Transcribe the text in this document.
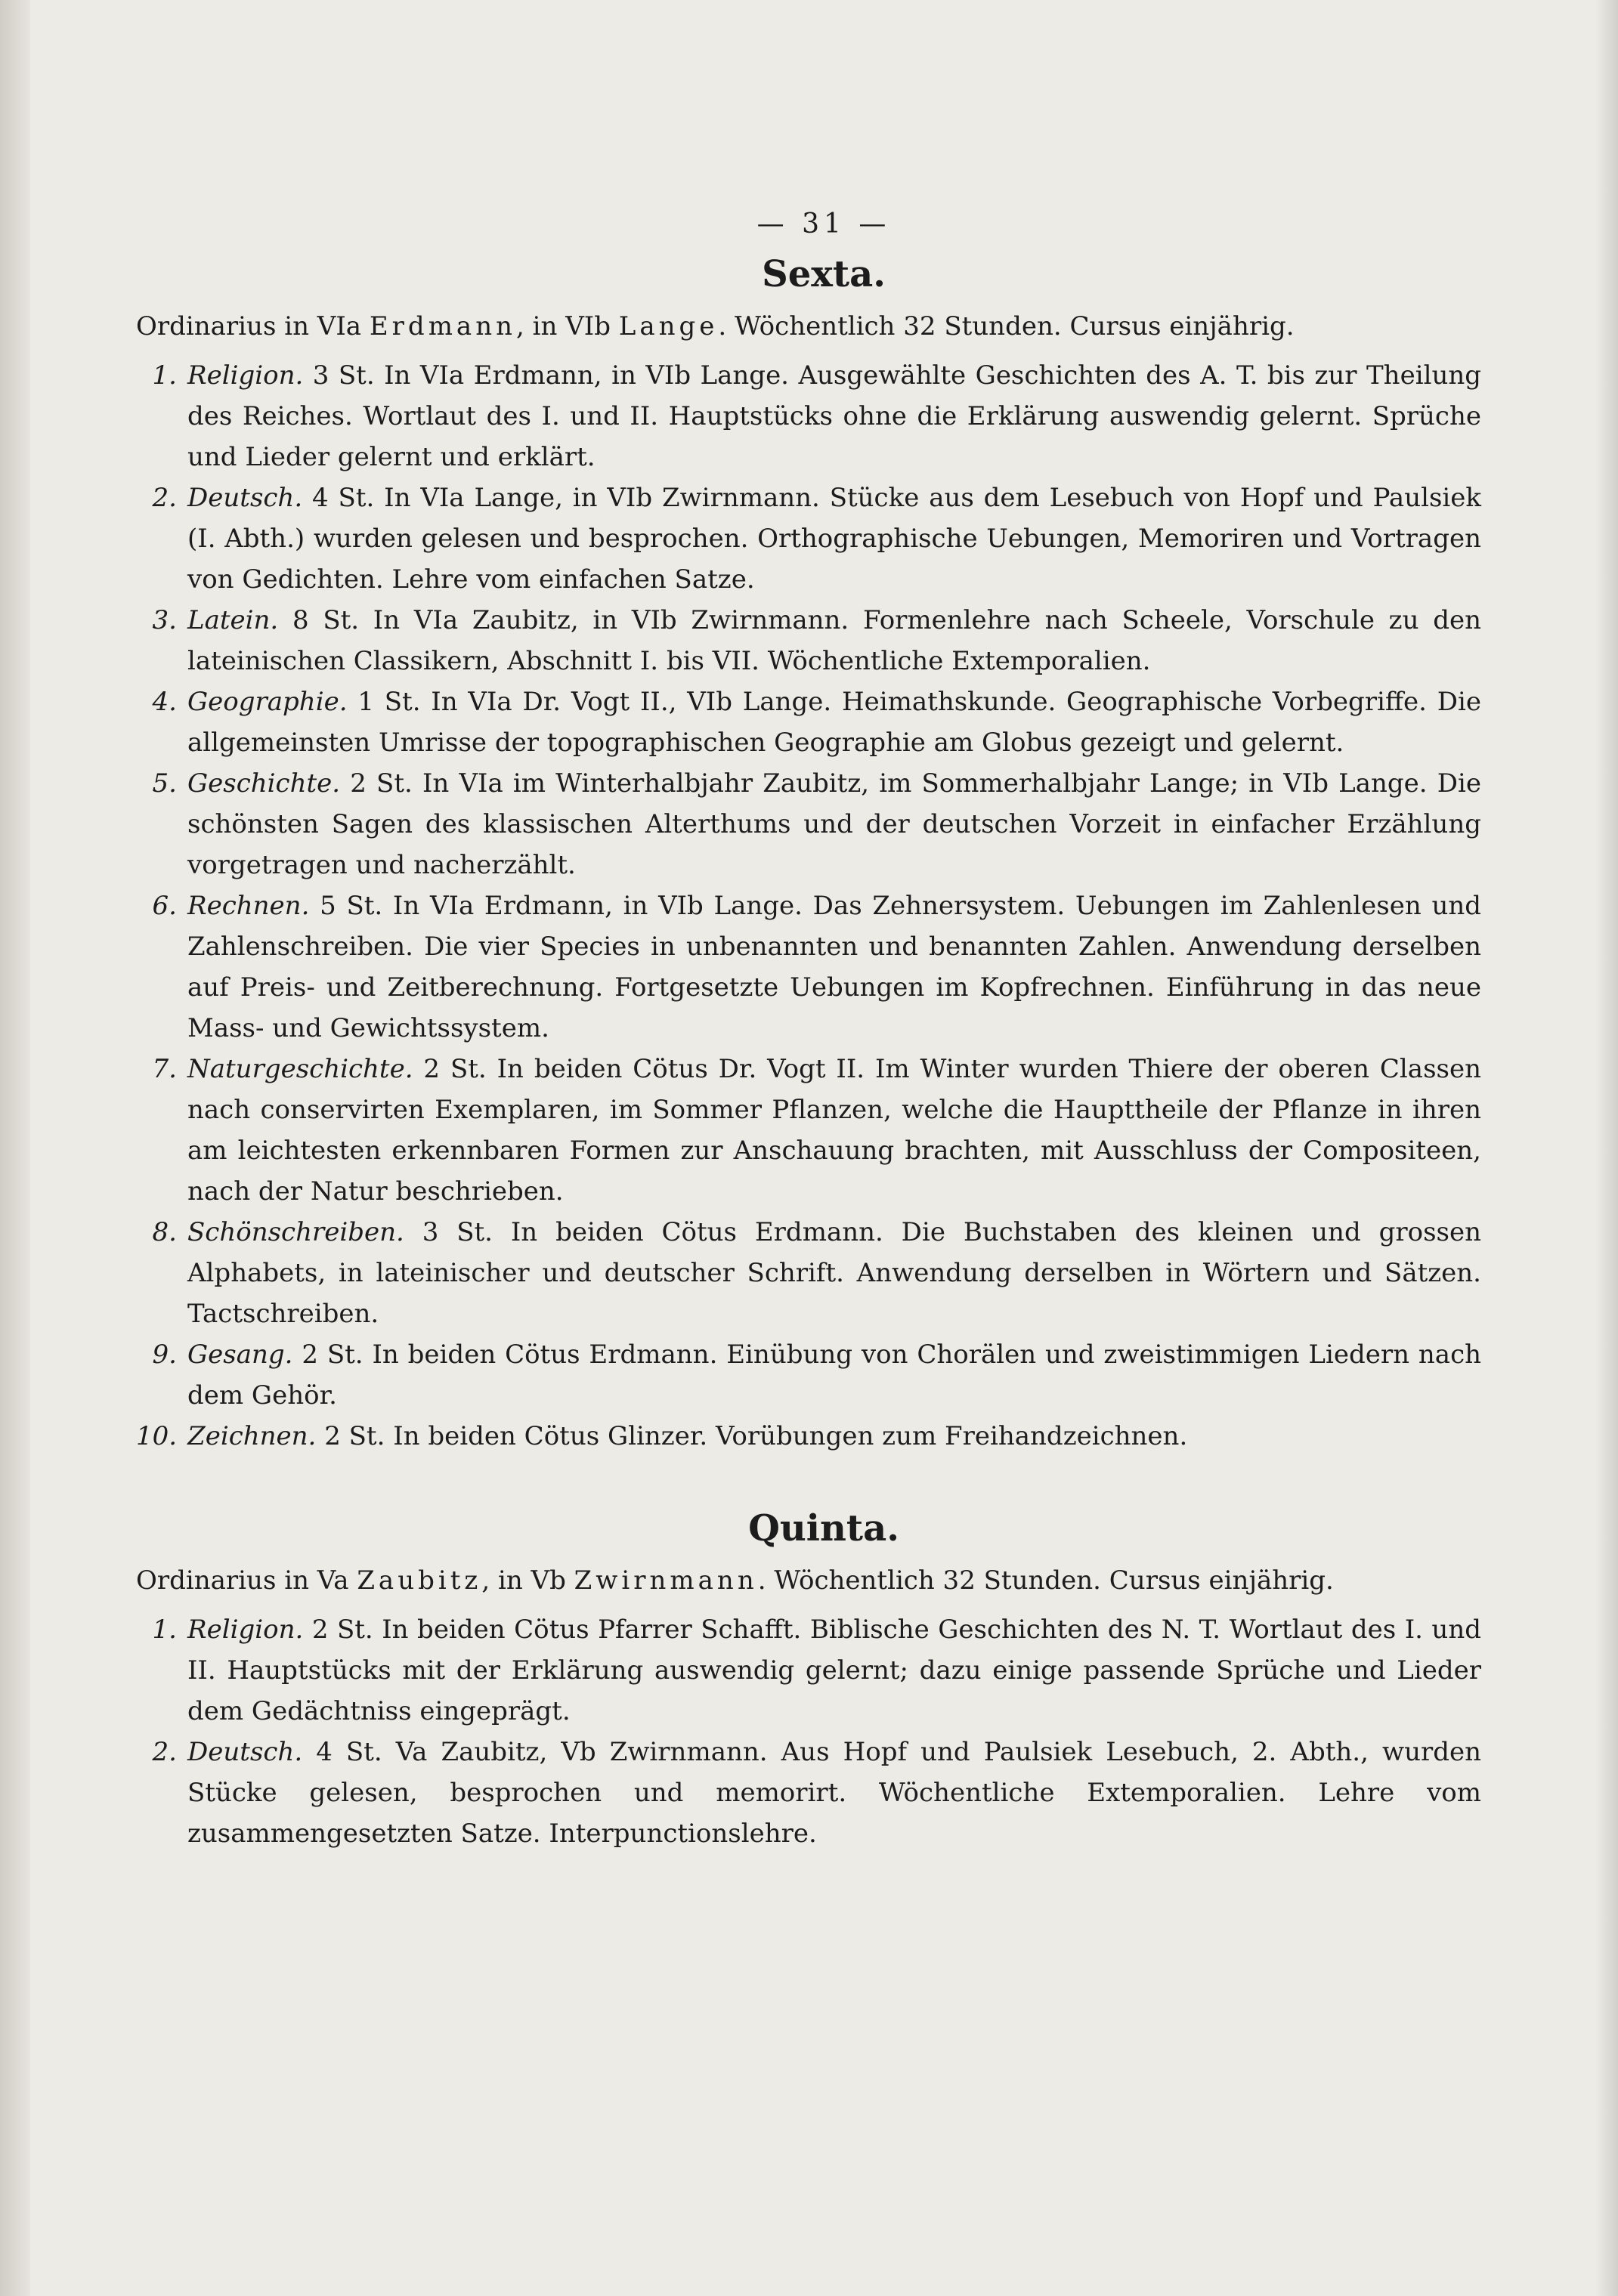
— 31 —
Sexta.
Ordinarius in VIa Erdmann, in VIb Lange. Wöchentlich 32 Stunden. Cursus einjährig.
1. Religion. 3 St. In VIa Erdmann, in VIb Lange. Ausgewählte Geschichten des A. T. bis zur Theilung des Reiches. Wortlaut des I. und II. Hauptstücks ohne die Erklärung auswendig gelernt. Sprüche und Lieder gelernt und erklärt.
2. Deutsch. 4 St. In VIa Lange, in VIb Zwirnmann. Stücke aus dem Lesebuch von Hopf und Paulsiek (I. Abth.) wurden gelesen und besprochen. Orthographische Uebungen, Memoriren und Vortragen von Gedichten. Lehre vom einfachen Satze.
3. Latein. 8 St. In VIa Zaubitz, in VIb Zwirnmann. Formenlehre nach Scheele, Vorschule zu den lateinischen Classikern, Abschnitt I. bis VII. Wöchentliche Extemporalien.
4. Geographie. 1 St. In VIa Dr. Vogt II., VIb Lange. Heimathskunde. Geographische Vorbegriffe. Die allgemeinsten Umrisse der topographischen Geographie am Globus gezeigt und gelernt.
5. Geschichte. 2 St. In VIa im Winterhalbjahr Zaubitz, im Sommerhalbjahr Lange; in VIb Lange. Die schönsten Sagen des klassischen Alterthums und der deutschen Vorzeit in einfacher Erzählung vorgetragen und nacherzählt.
6. Rechnen. 5 St. In VIa Erdmann, in VIb Lange. Das Zehnersystem. Uebungen im Zahlenlesen und Zahlenschreiben. Die vier Species in unbenannten und benannten Zahlen. Anwendung derselben auf Preis- und Zeitberechnung. Fortgesetzte Uebungen im Kopfrechnen. Einführung in das neue Mass- und Gewichtssystem.
7. Naturgeschichte. 2 St. In beiden Cötus Dr. Vogt II. Im Winter wurden Thiere der oberen Classen nach conservirten Exemplaren, im Sommer Pflanzen, welche die Haupttheile der Pflanze in ihren am leichtesten erkennbaren Formen zur Anschauung brachten, mit Ausschluss der Compositeen, nach der Natur beschrieben.
8. Schönschreiben. 3 St. In beiden Cötus Erdmann. Die Buchstaben des kleinen und grossen Alphabets, in lateinischer und deutscher Schrift. Anwendung derselben in Wörtern und Sätzen. Tactschreiben.
9. Gesang. 2 St. In beiden Cötus Erdmann. Einübung von Chorälen und zweistimmigen Liedern nach dem Gehör.
10. Zeichnen. 2 St. In beiden Cötus Glinzer. Vorübungen zum Freihandzeichnen.
Quinta.
Ordinarius in Va Zaubitz, in Vb Zwirnmann. Wöchentlich 32 Stunden. Cursus einjährig.
1. Religion. 2 St. In beiden Cötus Pfarrer Schafft. Biblische Geschichten des N. T. Wortlaut des I. und II. Hauptstücks mit der Erklärung auswendig gelernt; dazu einige passende Sprüche und Lieder dem Gedächtniss eingeprägt.
2. Deutsch. 4 St. Va Zaubitz, Vb Zwirnmann. Aus Hopf und Paulsiek Lesebuch, 2. Abth., wurden Stücke gelesen, besprochen und memorirt. Wöchentliche Extemporalien. Lehre vom zusammengesetzten Satze. Interpunctionslehre.
